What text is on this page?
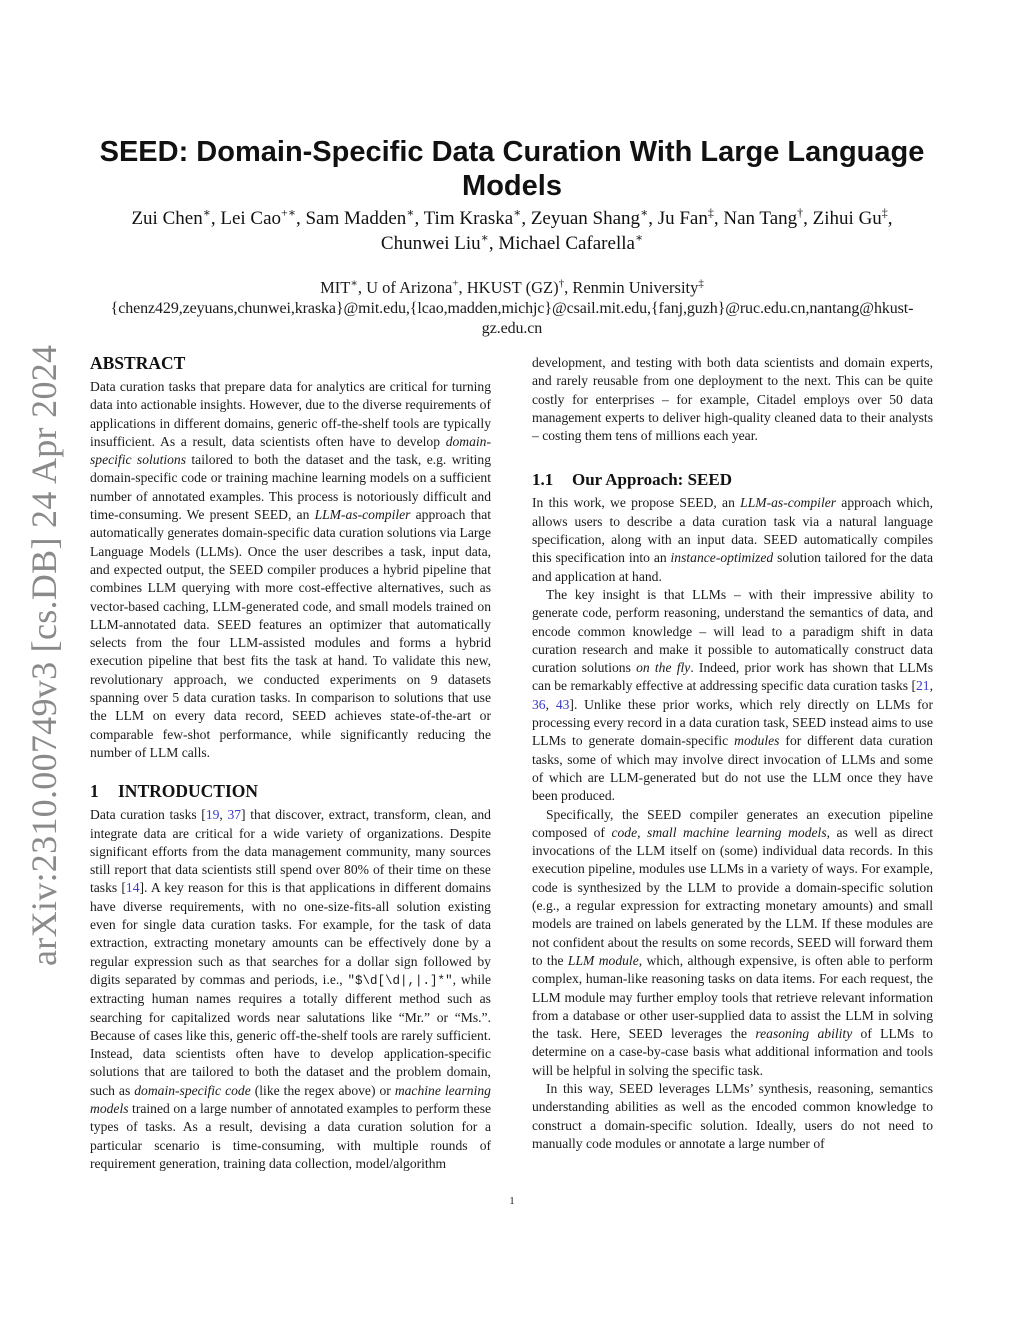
arXiv:2310.00749v3 [cs.DB] 24 Apr 2024
SEED: Domain-Specific Data Curation With Large Language Models
Zui Chen∗, Lei Cao+∗, Sam Madden∗, Tim Kraska∗, Zeyuan Shang∗, Ju Fan‡, Nan Tang†, Zihui Gu‡,
Chunwei Liu∗, Michael Cafarella∗
MIT∗, U of Arizona+, HKUST (GZ)†, Renmin University‡
{chenz429,zeyuans,chunwei,kraska}@mit.edu,{lcao,madden,michjc}@csail.mit.edu,{fanj,guzh}@ruc.edu.cn,nantang@hkust-gz.edu.cn
ABSTRACT

Data curation tasks that prepare data for analytics are critical for turning data into actionable insights. However, due to the diverse requirements of applications in different domains, generic off-the-shelf tools are typically insufficient. As a result, data scientists often have to develop domain-specific solutions tailored to both the dataset and the task, e.g. writing domain-specific code or training machine learning models on a sufficient number of annotated examples. This process is notoriously difficult and time-consuming. We present SEED, an LLM-as-compiler approach that automatically generates domain-specific data curation solutions via Large Language Models (LLMs). Once the user describes a task, input data, and expected output, the SEED compiler produces a hybrid pipeline that combines LLM querying with more cost-effective alternatives, such as vector-based caching, LLM-generated code, and small models trained on LLM-annotated data. SEED features an optimizer that automatically selects from the four LLM-assisted modules and forms a hybrid execution pipeline that best fits the task at hand. To validate this new, revolutionary approach, we conducted experiments on 9 datasets spanning over 5 data curation tasks. In comparison to solutions that use the LLM on every data record, SEED achieves state-of-the-art or comparable few-shot performance, while significantly reducing the number of LLM calls.

1 INTRODUCTION

Data curation tasks [19, 37] that discover, extract, transform, clean, and integrate data are critical for a wide variety of organizations. Despite significant efforts from the data management community, many sources still report that data scientists still spend over 80% of their time on these tasks [14]. A key reason for this is that applications in different domains have diverse requirements, with no one-size-fits-all solution existing even for single data curation tasks. For example, for the task of data extraction, extracting monetary amounts can be effectively done by a regular expression such as that searches for a dollar sign followed by digits separated by commas and periods, i.e., "$\d[\d|,|.]*", while extracting human names requires a totally different method such as searching for capitalized words near salutations like “Mr.” or “Ms.”. Because of cases like this, generic off-the-shelf tools are rarely sufficient. Instead, data scientists often have to develop application-specific solutions that are tailored to both the dataset and the problem domain, such as domain-specific code (like the regex above) or machine learning models trained on a large number of annotated examples to perform these types of tasks. As a result, devising a data curation solution for a particular scenario is time-consuming, with multiple rounds of requirement generation, training data collection, model/algorithm

development, and testing with both data scientists and domain experts, and rarely reusable from one deployment to the next. This can be quite costly for enterprises – for example, Citadel employs over 50 data management experts to deliver high-quality cleaned data to their analysts – costing them tens of millions each year.

1.1 Our Approach: SEED

In this work, we propose SEED, an LLM-as-compiler approach which, allows users to describe a data curation task via a natural language specification, along with an input data. SEED automatically compiles this specification into an instance-optimized solution tailored for the data and application at hand.

The key insight is that LLMs – with their impressive ability to generate code, perform reasoning, understand the semantics of data, and encode common knowledge – will lead to a paradigm shift in data curation research and make it possible to automatically construct data curation solutions on the fly. Indeed, prior work has shown that LLMs can be remarkably effective at addressing specific data curation tasks [21, 36, 43]. Unlike these prior works, which rely directly on LLMs for processing every record in a data curation task, SEED instead aims to use LLMs to generate domain-specific modules for different data curation tasks, some of which may involve direct invocation of LLMs and some of which are LLM-generated but do not use the LLM once they have been produced.

Specifically, the SEED compiler generates an execution pipeline composed of code, small machine learning models, as well as direct invocations of the LLM itself on (some) individual data records. In this execution pipeline, modules use LLMs in a variety of ways. For example, code is synthesized by the LLM to provide a domain-specific solution (e.g., a regular expression for extracting monetary amounts) and small models are trained on labels generated by the LLM. If these modules are not confident about the results on some records, SEED will forward them to the LLM module, which, although expensive, is often able to perform complex, human-like reasoning tasks on data items. For each request, the LLM module may further employ tools that retrieve relevant information from a database or other user-supplied data to assist the LLM in solving the task. Here, SEED leverages the reasoning ability of LLMs to determine on a case-by-case basis what additional information and tools will be helpful in solving the specific task.

In this way, SEED leverages LLMs’ synthesis, reasoning, semantics understanding abilities as well as the encoded common knowledge to construct a domain-specific solution. Ideally, users do not need to manually code modules or annotate a large number of

1
